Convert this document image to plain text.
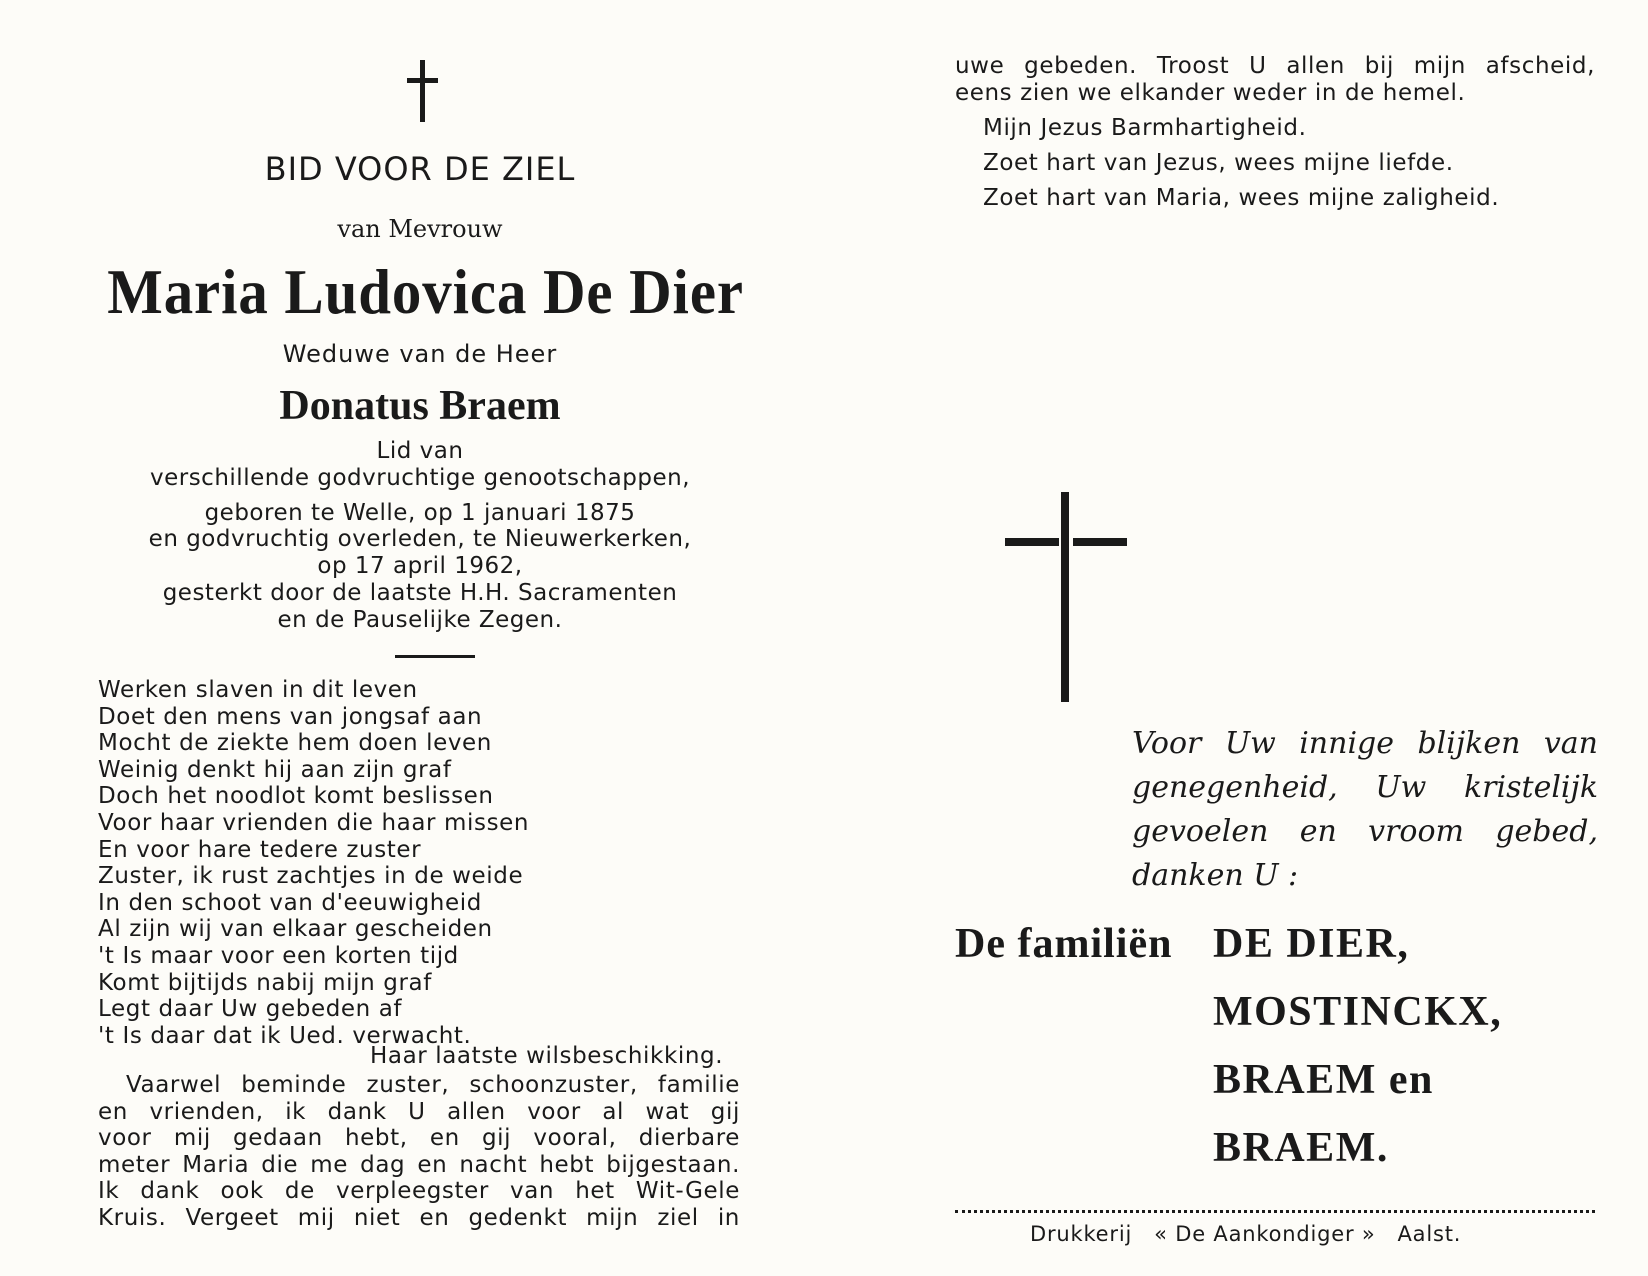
BID VOOR DE ZIEL
van Mevrouw
Maria Ludovica De Dier
Weduwe van de Heer
Donatus Braem
Lid van
verschillende godvruchtige genootschappen,
geboren te Welle, op 1 januari 1875
en godvruchtig overleden, te Nieuwerkerken,
op 17 april 1962,
gesterkt door de laatste H.H. Sacramenten
en de Pauselijke Zegen.
Werken slaven in dit leven
Doet den mens van jongsaf aan
Mocht de ziekte hem doen leven
Weinig denkt hij aan zijn graf
Doch het noodlot komt beslissen
Voor haar vrienden die haar missen
En voor hare tedere zuster
Zuster, ik rust zachtjes in de weide
In den schoot van d'eeuwigheid
Al zijn wij van elkaar gescheiden
't Is maar voor een korten tijd
Komt bijtijds nabij mijn graf
Legt daar Uw gebeden af
't Is daar dat ik Ued. verwacht.
Haar laatste wilsbeschikking.
Vaarwel beminde zuster, schoonzuster, familie
en vrienden, ik dank U allen voor al wat gij
voor mij gedaan hebt, en gij vooral, dierbare
meter Maria die me dag en nacht hebt bijgestaan.
Ik dank ook de verpleegster van het Wit-Gele
Kruis. Vergeet mij niet en gedenkt mijn ziel in
uwe gebeden. Troost U allen bij mijn afscheid,
eens zien we elkander weder in de hemel.
Mijn Jezus Barmhartigheid.
Zoet hart van Jezus, wees mijne liefde.
Zoet hart van Maria, wees mijne zaligheid.
Voor Uw innige blijken van
genegenheid, Uw kristelijk
gevoelen en vroom gebed,
danken U :
De familiën DE DIER,
MOSTINCKX,
BRAEM en
BRAEM.
Drukkerij « De Aankondiger » Aalst.
